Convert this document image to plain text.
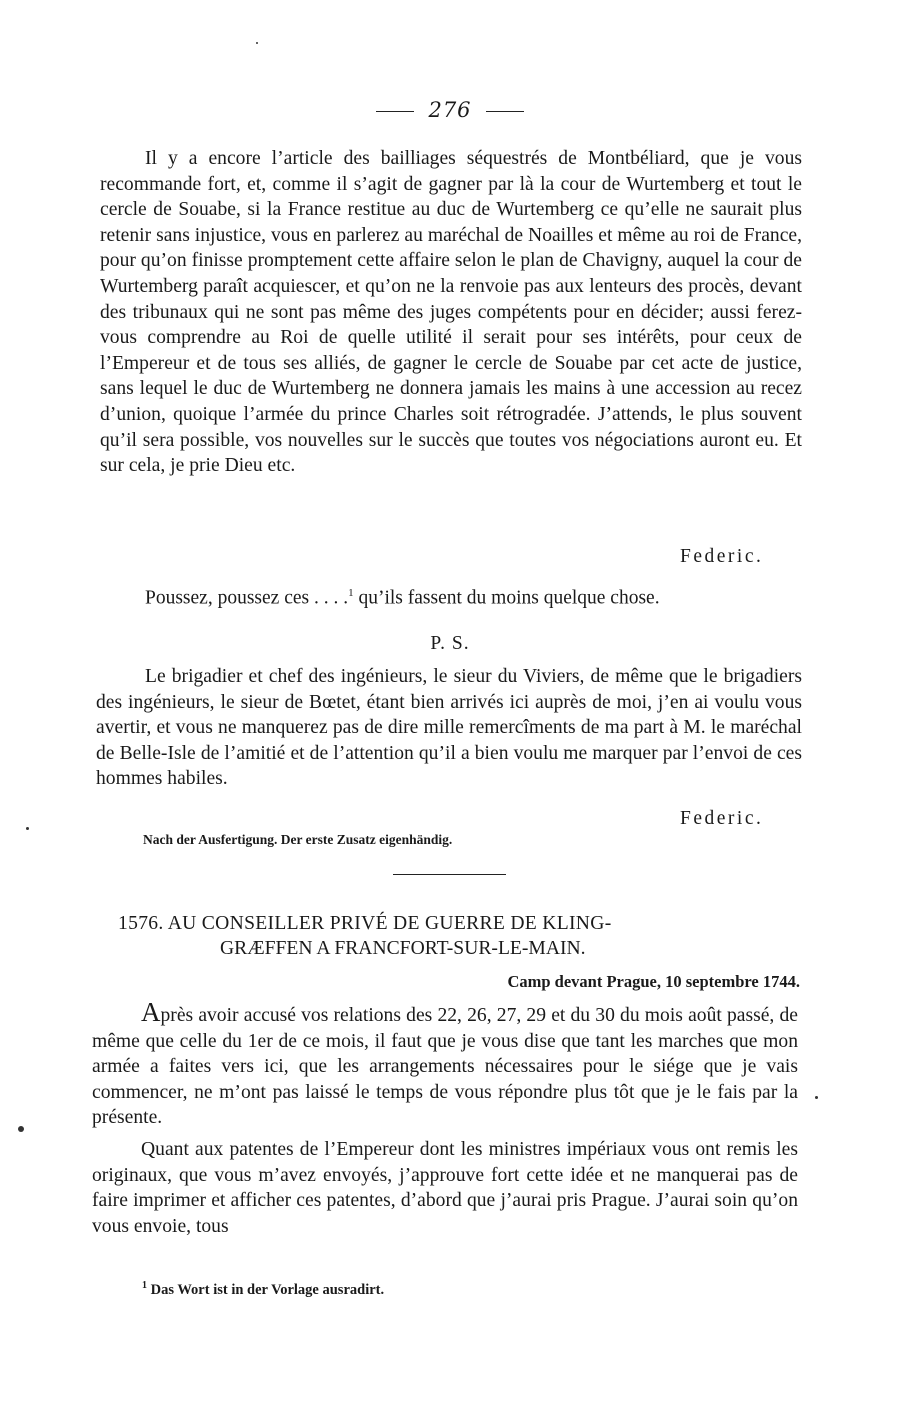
276

Il y a encore l’article des bailliages séquestrés de Montbéliard, que je vous recommande fort, et, comme il s’agit de gagner par là la cour de Wurtemberg et tout le cercle de Souabe, si la France restitue au duc de Wurtemberg ce qu’elle ne saurait plus retenir sans injustice, vous en parlerez au maréchal de Noailles et même au roi de France, pour qu’on finisse promptement cette affaire selon le plan de Chavigny, auquel la cour de Wurtemberg paraît acquiescer, et qu’on ne la renvoie pas aux lenteurs des procès, devant des tribunaux qui ne sont pas même des juges compétents pour en décider; aussi ferez-vous comprendre au Roi de quelle utilité il serait pour ses intérêts, pour ceux de l’Empereur et de tous ses alliés, de gagner le cercle de Souabe par cet acte de justice, sans lequel le duc de Wurtemberg ne donnera jamais les mains à une accession au recez d’union, quoique l’armée du prince Charles soit rétrogradée. J’attends, le plus souvent qu’il sera possible, vos nouvelles sur le succès que toutes vos négociations auront eu. Et sur cela, je prie Dieu etc.

Federic.
Poussez, poussez ces . . . .$^1$ qu’ils fassent du moins quelque chose.
P. S.

Le brigadier et chef des ingénieurs, le sieur du Viviers, de même que le brigadiers des ingénieurs, le sieur de Bœtet, étant bien arrivés ici auprès de moi, j’en ai voulu vous avertir, et vous ne manquerez pas de dire mille remercîments de ma part à M. le maréchal de Belle-Isle de l’amitié et de l’attention qu’il a bien voulu me marquer par l’envoi de ces hommes habiles.

Federic.
Nach der Ausfertigung. Der erste Zusatz eigenhändig.
1576. AU CONSEILLER PRIVÉ DE GUERRE DE KLING-
GRÆFFEN A FRANCFORT-SUR-LE-MAIN.
Camp devant Prague, 10 septembre 1744.

Après avoir accusé vos relations des 22, 26, 27, 29 et du 30 du mois août passé, de même que celle du 1er de ce mois, il faut que je vous dise que tant les marches que mon armée a faites vers ici, que les arrangements nécessaires pour le siége que je vais commencer, ne m’ont pas laissé le temps de vous répondre plus tôt que je le fais par la présente.

Quant aux patentes de l’Empereur dont les ministres impériaux vous ont remis les originaux, que vous m’avez envoyés, j’approuve fort cette idée et ne manquerai pas de faire imprimer et afficher ces patentes, d’abord que j’aurai pris Prague. J’aurai soin qu’on vous envoie, tous

$^1$ Das Wort ist in der Vorlage ausradirt.
